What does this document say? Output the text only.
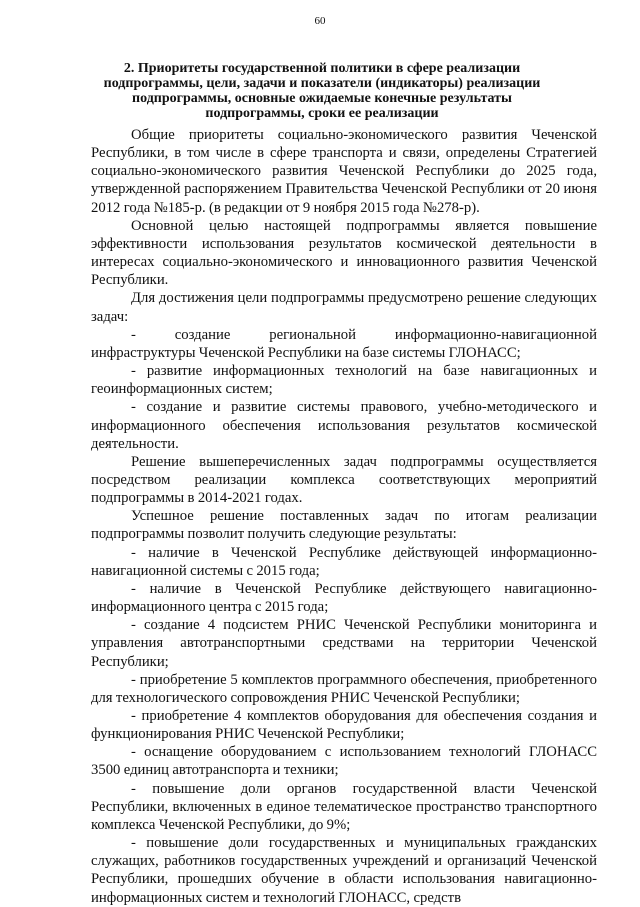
60
2. Приоритеты государственной политики в сфере реализации подпрограммы, цели, задачи и показатели (индикаторы) реализации подпрограммы, основные ожидаемые конечные результаты подпрограммы, сроки ее реализации

Общие приоритеты социально-экономического развития Чеченской Республики, в том числе в сфере транспорта и связи, определены Стратегией социально-экономического развития Чеченской Республики до 2025 года, утвержденной распоряжением Правительства Чеченской Республики от 20 июня 2012 года №185-р. (в редакции от 9 ноября 2015 года №278-р).

Основной целью настоящей подпрограммы является повышение эффективности использования результатов космической деятельности в интересах социально-экономического и инновационного развития Чеченской Республики.

Для достижения цели подпрограммы предусмотрено решение следующих задач:

- создание региональной информационно-навигационной инфраструктуры Чеченской Республики на базе системы ГЛОНАСС;

- развитие информационных технологий на базе навигационных и геоинформационных систем;

- создание и развитие системы правового, учебно-методического и информационного обеспечения использования результатов космической деятельности.

Решение вышеперечисленных задач подпрограммы осуществляется посредством реализации комплекса соответствующих мероприятий подпрограммы в 2014-2021 годах.

Успешное решение поставленных задач по итогам реализации подпрограммы позволит получить следующие результаты:

- наличие в Чеченской Республике действующей информационно-навигационной системы с 2015 года;

- наличие в Чеченской Республике действующего навигационно-информационного центра с 2015 года;

- создание 4 подсистем РНИС Чеченской Республики мониторинга и управления автотранспортными средствами на территории Чеченской Республики;

- приобретение 5 комплектов программного обеспечения, приобретенного для технологического сопровождения РНИС Чеченской Республики;

- приобретение 4 комплектов оборудования для обеспечения создания и функционирования РНИС Чеченской Республики;

- оснащение оборудованием с использованием технологий ГЛОНАСС 3500 единиц автотранспорта и техники;

- повышение доли органов государственной власти Чеченской Республики, включенных в единое телематическое пространство транспортного комплекса Чеченской Республики, до 9%;

- повышение доли государственных и муниципальных гражданских служащих, работников государственных учреждений и организаций Чеченской Республики, прошедших обучение в области использования навигационно-информационных систем и технологий ГЛОНАСС, средств
